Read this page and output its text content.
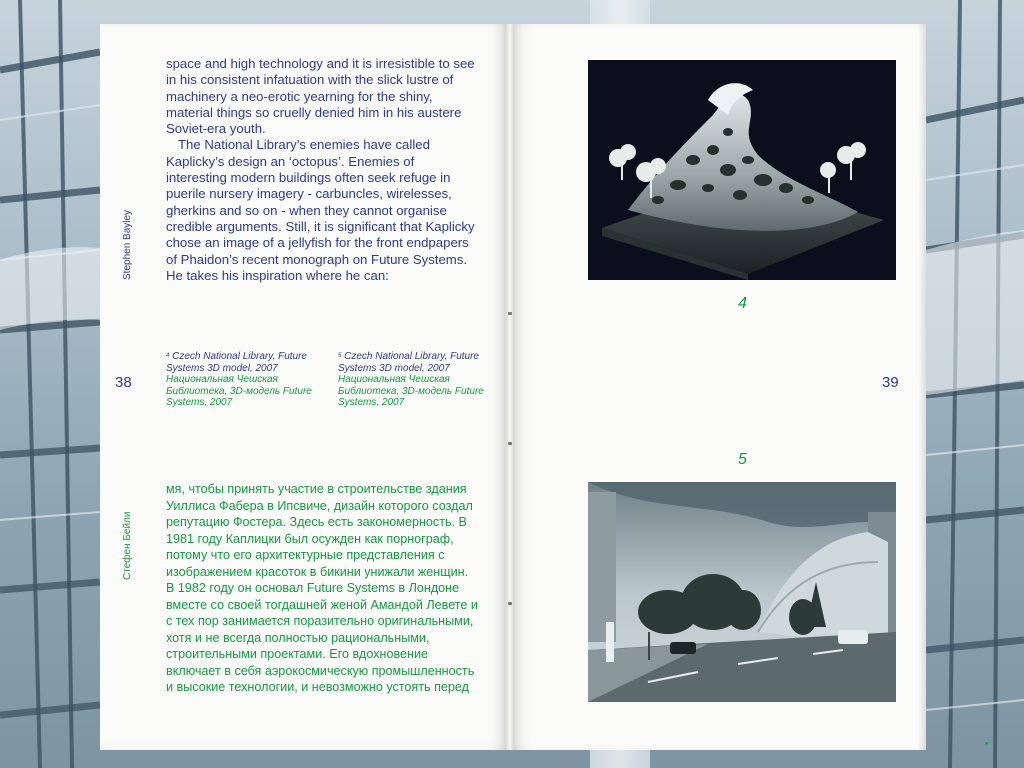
Stephen Bayley
Стефен Бейли

space and high technology and it is irresistible to see in his consistent infatuation with the slick lustre of machinery a neo-erotic yearning for the shiny, material things so cruelly denied him in his austere Soviet-era youth.

The National Library’s enemies have called Kaplicky’s design an ‘octopus’. Enemies of interesting modern buildings often seek refuge in puerile nursery imagery - carbuncles, wirelesses, gherkins and so on - when they cannot organise credible arguments. Still, it is significant that Kaplicky chose an image of a jellyfish for the front endpapers of Phaidon’s recent monograph on Future Systems. He takes his inspiration where he can:

38
$^4$ Czech National Library, Future Systems 3D model, 2007
Национальная Чешская Библиотека, 3D-модель Future Systems, 2007
$^5$ Czech National Library, Future Systems 3D model, 2007
Национальная Чешская Библиотека, 3D-модель Future Systems, 2007
мя, чтобы принять участие в строительстве здания Уиллиса Фабера в Ипсвиче, дизайн которого создал репутацию Фостера. Здесь есть закономерность. В 1981 году Каплицки был осужден как порнограф, потому что его архитектурные представления с изображением красоток в бикини унижали женщин. В 1982 году он основал Future Systems в Лондоне вместе со своей тогдашней женой Амандой Левете и с тех пор занимается поразительно оригинальными, хотя и не всегда полностью рациональными, строительными проектами. Его вдохновение включает в себя аэрокосмическую промышленность и высокие технологии, и невозможно устоять перед
39
4
5
▪
